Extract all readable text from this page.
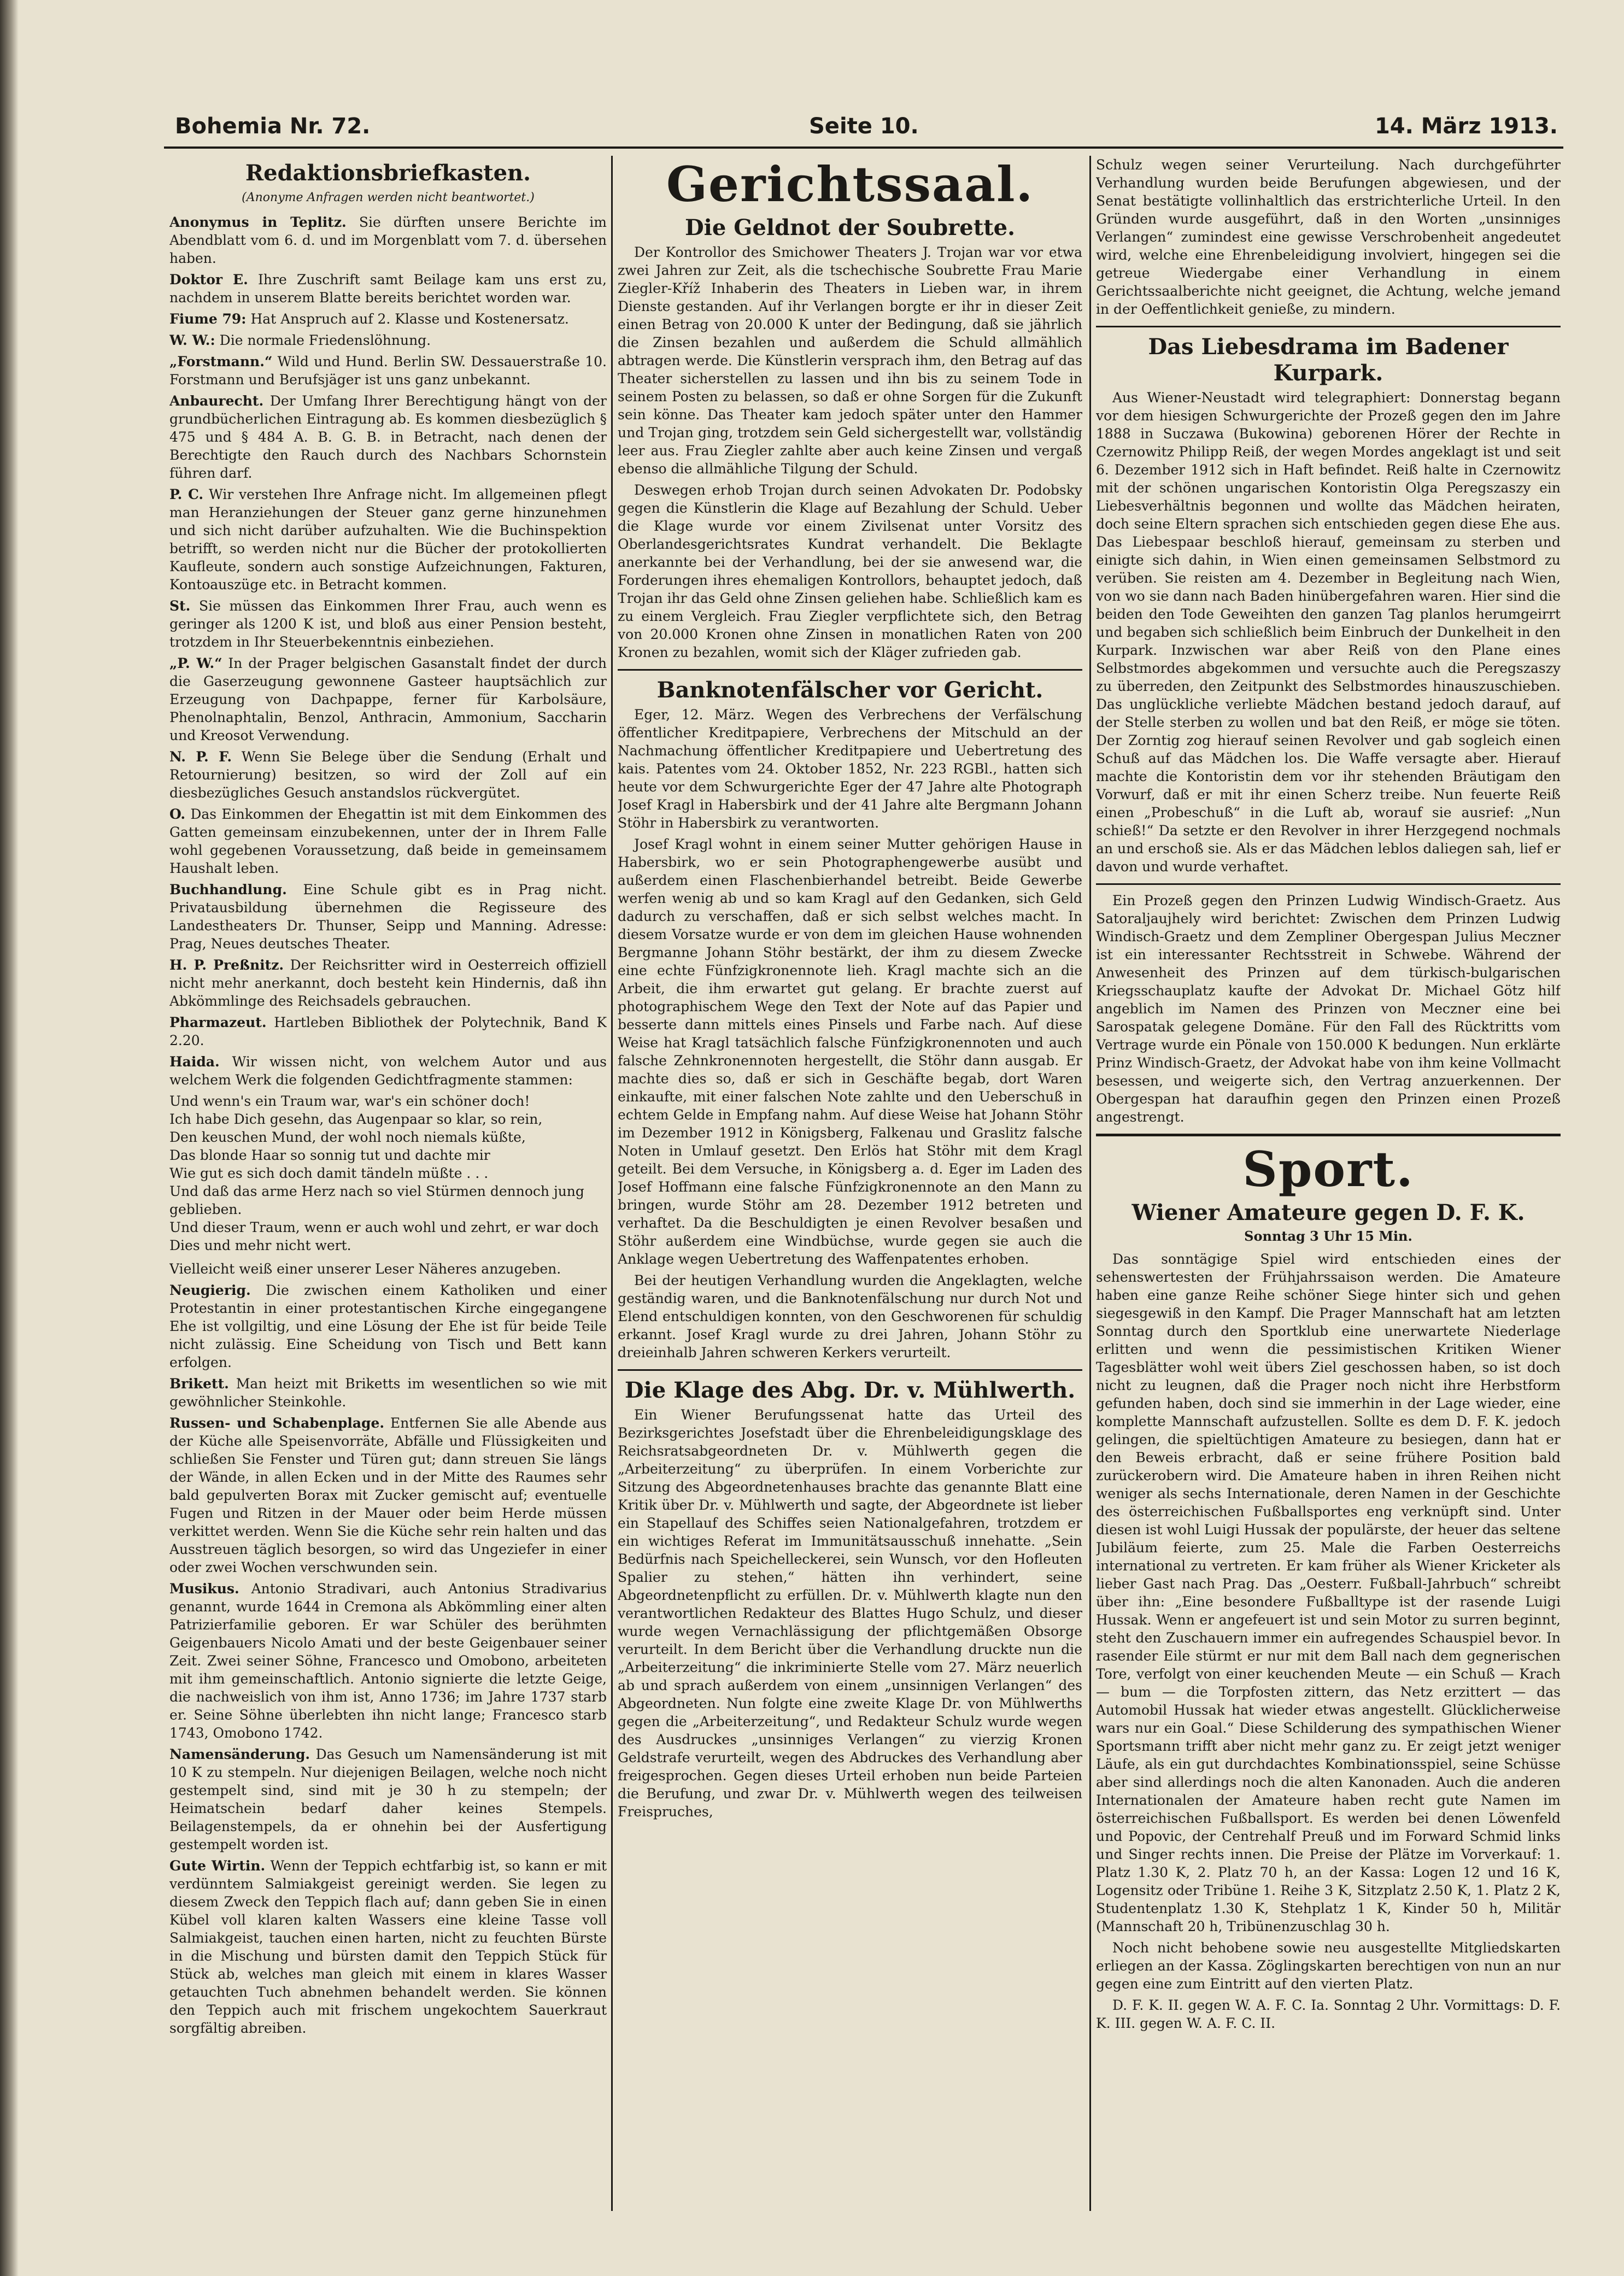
Bohemia Nr. 72.	Seite 10.	14. März 1913.
Redaktionsbriefkasten.
(Anonyme Anfragen werden nicht beantwortet.)

Anonymus in Teplitz. Sie dürften unsere Berichte im Abendblatt vom 6. d. und im Morgenblatt vom 7. d. übersehen haben.

Doktor E. Ihre Zuschrift samt Beilage kam uns erst zu, nachdem in unserem Blatte bereits berichtet worden war.

Fiume 79: Hat Anspruch auf 2. Klasse und Kostenersatz.

W. W.: Die normale Friedenslöhnung.

„Forstmann.“ Wild und Hund. Berlin SW. Dessauerstraße 10. Forstmann und Berufsjäger ist uns ganz unbekannt.

Anbaurecht. Der Umfang Ihrer Berechtigung hängt von der grundbücherlichen Eintragung ab. Es kommen diesbezüglich § 475 und § 484 A. B. G. B. in Betracht, nach denen der Berechtigte den Rauch durch des Nachbars Schornstein führen darf.

P. C. Wir verstehen Ihre Anfrage nicht. Im allgemeinen pflegt man Heranziehungen der Steuer ganz gerne hinzunehmen und sich nicht darüber aufzuhalten. Wie die Buchinspektion betrifft, so werden nicht nur die Bücher der protokollierten Kaufleute, sondern auch sonstige Aufzeichnungen, Fakturen, Kontoauszüge etc. in Betracht kommen.

St. Sie müssen das Einkommen Ihrer Frau, auch wenn es geringer als 1200 K ist, und bloß aus einer Pension besteht, trotzdem in Ihr Steuerbekenntnis einbeziehen.

„P. W.“ In der Prager belgischen Gasanstalt findet der durch die Gaserzeugung gewonnene Gasteer hauptsächlich zur Erzeugung von Dachpappe, ferner für Karbolsäure, Phenolnaphtalin, Benzol, Anthracin, Ammonium, Saccharin und Kreosot Verwendung.

N. P. F. Wenn Sie Belege über die Sendung (Erhalt und Retournierung) besitzen, so wird der Zoll auf ein diesbezügliches Gesuch anstandslos rückvergütet.

O. Das Einkommen der Ehegattin ist mit dem Einkommen des Gatten gemeinsam einzubekennen, unter der in Ihrem Falle wohl gegebenen Voraussetzung, daß beide in gemeinsamem Haushalt leben.

Buchhandlung. Eine Schule gibt es in Prag nicht. Privatausbildung übernehmen die Regisseure des Landestheaters Dr. Thunser, Seipp und Manning. Adresse: Prag, Neues deutsches Theater.

H. P. Preßnitz. Der Reichsritter wird in Oesterreich offiziell nicht mehr anerkannt, doch besteht kein Hindernis, daß ihn Abkömmlinge des Reichsadels gebrauchen.

Pharmazeut. Hartleben Bibliothek der Polytechnik, Band K 2.20.

Haida. Wir wissen nicht, von welchem Autor und aus welchem Werk die folgenden Gedichtfragmente stammen:

Und wenn's ein Traum war, war's ein schöner doch!
Ich habe Dich gesehn, das Augenpaar so klar, so rein,
Den keuschen Mund, der wohl noch niemals küßte,
Das blonde Haar so sonnig tut und dachte mir
Wie gut es sich doch damit tändeln müßte . . .
Und daß das arme Herz nach so viel Stürmen dennoch jung geblieben.
Und dieser Traum, wenn er auch wohl und zehrt, er war doch Dies und mehr nicht wert.

Vielleicht weiß einer unserer Leser Näheres anzugeben.

Neugierig. Die zwischen einem Katholiken und einer Protestantin in einer protestantischen Kirche eingegangene Ehe ist vollgiltig, und eine Lösung der Ehe ist für beide Teile nicht zulässig. Eine Scheidung von Tisch und Bett kann erfolgen.

Brikett. Man heizt mit Briketts im wesentlichen so wie mit gewöhnlicher Steinkohle.

Russen- und Schabenplage. Entfernen Sie alle Abende aus der Küche alle Speisenvorräte, Abfälle und Flüssigkeiten und schließen Sie Fenster und Türen gut; dann streuen Sie längs der Wände, in allen Ecken und in der Mitte des Raumes sehr bald gepulverten Borax mit Zucker gemischt auf; eventuelle Fugen und Ritzen in der Mauer oder beim Herde müssen verkittet werden. Wenn Sie die Küche sehr rein halten und das Ausstreuen täglich besorgen, so wird das Ungeziefer in einer oder zwei Wochen verschwunden sein.

Musikus. Antonio Stradivari, auch Antonius Stradivarius genannt, wurde 1644 in Cremona als Abkömmling einer alten Patrizierfamilie geboren. Er war Schüler des berühmten Geigenbauers Nicolo Amati und der beste Geigenbauer seiner Zeit. Zwei seiner Söhne, Francesco und Omobono, arbeiteten mit ihm gemeinschaftlich. Antonio signierte die letzte Geige, die nachweislich von ihm ist, Anno 1736; im Jahre 1737 starb er. Seine Söhne überlebten ihn nicht lange; Francesco starb 1743, Omobono 1742.

Namensänderung. Das Gesuch um Namensänderung ist mit 10 K zu stempeln. Nur diejenigen Beilagen, welche noch nicht gestempelt sind, sind mit je 30 h zu stempeln; der Heimatschein bedarf daher keines Stempels. Beilagenstempels, da er ohnehin bei der Ausfertigung gestempelt worden ist.

Gute Wirtin. Wenn der Teppich echtfarbig ist, so kann er mit verdünntem Salmiakgeist gereinigt werden. Sie legen zu diesem Zweck den Teppich flach auf; dann geben Sie in einen Kübel voll klaren kalten Wassers eine kleine Tasse voll Salmiakgeist, tauchen einen harten, nicht zu feuchten Bürste in die Mischung und bürsten damit den Teppich Stück für Stück ab, welches man gleich mit einem in klares Wasser getauchten Tuch abnehmen behandelt werden. Sie können den Teppich auch mit frischem ungekochtem Sauerkraut sorgfältig abreiben.

Gerichtssaal.
Die Geldnot der Soubrette.

Der Kontrollor des Smichower Theaters J. Trojan war vor etwa zwei Jahren zur Zeit, als die tschechische Soubrette Frau Marie Ziegler-Kříž Inhaberin des Theaters in Lieben war, in ihrem Dienste gestanden. Auf ihr Verlangen borgte er ihr in dieser Zeit einen Betrag von 20.000 K unter der Bedingung, daß sie jährlich die Zinsen bezahlen und außerdem die Schuld allmählich abtragen werde. Die Künstlerin versprach ihm, den Betrag auf das Theater sicherstellen zu lassen und ihn bis zu seinem Tode in seinem Posten zu belassen, so daß er ohne Sorgen für die Zukunft sein könne. Das Theater kam jedoch später unter den Hammer und Trojan ging, trotzdem sein Geld sichergestellt war, vollständig leer aus. Frau Ziegler zahlte aber auch keine Zinsen und vergaß ebenso die allmähliche Tilgung der Schuld.

Deswegen erhob Trojan durch seinen Advokaten Dr. Podobsky gegen die Künstlerin die Klage auf Bezahlung der Schuld. Ueber die Klage wurde vor einem Zivilsenat unter Vorsitz des Oberlandesgerichtsrates Kundrat verhandelt. Die Beklagte anerkannte bei der Verhandlung, bei der sie anwesend war, die Forderungen ihres ehemaligen Kontrollors, behauptet jedoch, daß Trojan ihr das Geld ohne Zinsen geliehen habe. Schließlich kam es zu einem Vergleich. Frau Ziegler verpflichtete sich, den Betrag von 20.000 Kronen ohne Zinsen in monatlichen Raten von 200 Kronen zu bezahlen, womit sich der Kläger zufrieden gab.

Banknotenfälscher vor Gericht.

Eger, 12. März. Wegen des Verbrechens der Verfälschung öffentlicher Kreditpapiere, Verbrechens der Mitschuld an der Nachmachung öffentlicher Kreditpapiere und Uebertretung des kais. Patentes vom 24. Oktober 1852, Nr. 223 RGBl., hatten sich heute vor dem Schwurgerichte Eger der 47 Jahre alte Photograph Josef Kragl in Habersbirk und der 41 Jahre alte Bergmann Johann Stöhr in Habersbirk zu verantworten.

Josef Kragl wohnt in einem seiner Mutter gehörigen Hause in Habersbirk, wo er sein Photographengewerbe ausübt und außerdem einen Flaschenbierhandel betreibt. Beide Gewerbe werfen wenig ab und so kam Kragl auf den Gedanken, sich Geld dadurch zu verschaffen, daß er sich selbst welches macht. In diesem Vorsatze wurde er von dem im gleichen Hause wohnenden Bergmanne Johann Stöhr bestärkt, der ihm zu diesem Zwecke eine echte Fünfzigkronennote lieh. Kragl machte sich an die Arbeit, die ihm erwartet gut gelang. Er brachte zuerst auf photographischem Wege den Text der Note auf das Papier und besserte dann mittels eines Pinsels und Farbe nach. Auf diese Weise hat Kragl tatsächlich falsche Fünfzigkronennoten und auch falsche Zehnkronennoten hergestellt, die Stöhr dann ausgab. Er machte dies so, daß er sich in Geschäfte begab, dort Waren einkaufte, mit einer falschen Note zahlte und den Ueberschuß in echtem Gelde in Empfang nahm. Auf diese Weise hat Johann Stöhr im Dezember 1912 in Königsberg, Falkenau und Graslitz falsche Noten in Umlauf gesetzt. Den Erlös hat Stöhr mit dem Kragl geteilt. Bei dem Versuche, in Königsberg a. d. Eger im Laden des Josef Hoffmann eine falsche Fünfzigkronennote an den Mann zu bringen, wurde Stöhr am 28. Dezember 1912 betreten und verhaftet. Da die Beschuldigten je einen Revolver besaßen und Stöhr außerdem eine Windbüchse, wurde gegen sie auch die Anklage wegen Uebertretung des Waffenpatentes erhoben.

Bei der heutigen Verhandlung wurden die Angeklagten, welche geständig waren, und die Banknotenfälschung nur durch Not und Elend entschuldigen konnten, von den Geschworenen für schuldig erkannt. Josef Kragl wurde zu drei Jahren, Johann Stöhr zu dreieinhalb Jahren schweren Kerkers verurteilt.

Die Klage des Abg. Dr. v. Mühlwerth.

Ein Wiener Berufungssenat hatte das Urteil des Bezirksgerichtes Josefstadt über die Ehrenbeleidigungsklage des Reichsratsabgeordneten Dr. v. Mühlwerth gegen die „Arbeiterzeitung“ zu überprüfen. In einem Vorberichte zur Sitzung des Abgeordnetenhauses brachte das genannte Blatt eine Kritik über Dr. v. Mühlwerth und sagte, der Abgeordnete ist lieber ein Stapellauf des Schiffes seien Nationalgefahren, trotzdem er ein wichtiges Referat im Immunitätsausschuß innehatte. „Sein Bedürfnis nach Speichelleckerei, sein Wunsch, vor den Hofleuten Spalier zu stehen,“ hätten ihn verhindert, seine Abgeordnetenpflicht zu erfüllen. Dr. v. Mühlwerth klagte nun den verantwortlichen Redakteur des Blattes Hugo Schulz, und dieser wurde wegen Vernachlässigung der pflichtgemäßen Obsorge verurteilt. In dem Bericht über die Verhandlung druckte nun die „Arbeiterzeitung“ die inkriminierte Stelle vom 27. März neuerlich ab und sprach außerdem von einem „unsinnigen Verlangen“ des Abgeordneten. Nun folgte eine zweite Klage Dr. von Mühlwerths gegen die „Arbeiterzeitung“, und Redakteur Schulz wurde wegen des Ausdruckes „unsinniges Verlangen“ zu vierzig Kronen Geldstrafe verurteilt, wegen des Abdruckes des Verhandlung aber freigesprochen. Gegen dieses Urteil erhoben nun beide Parteien die Berufung, und zwar Dr. v. Mühlwerth wegen des teilweisen Freispruches,

Schulz wegen seiner Verurteilung. Nach durchgeführter Verhandlung wurden beide Berufungen abgewiesen, und der Senat bestätigte vollinhaltlich das erstrichterliche Urteil. In den Gründen wurde ausgeführt, daß in den Worten „unsinniges Verlangen“ zumindest eine gewisse Verschrobenheit angedeutet wird, welche eine Ehrenbeleidigung involviert, hingegen sei die getreue Wiedergabe einer Verhandlung in einem Gerichtssaalberichte nicht geeignet, die Achtung, welche jemand in der Oeffentlichkeit genieße, zu mindern.

Das Liebesdrama im Badener Kurpark.

Aus Wiener-Neustadt wird telegraphiert: Donnerstag begann vor dem hiesigen Schwurgerichte der Prozeß gegen den im Jahre 1888 in Suczawa (Bukowina) geborenen Hörer der Rechte in Czernowitz Philipp Reiß, der wegen Mordes angeklagt ist und seit 6. Dezember 1912 sich in Haft befindet. Reiß halte in Czernowitz mit der schönen ungarischen Kontoristin Olga Peregszaszy ein Liebesverhältnis begonnen und wollte das Mädchen heiraten, doch seine Eltern sprachen sich entschieden gegen diese Ehe aus. Das Liebespaar beschloß hierauf, gemeinsam zu sterben und einigte sich dahin, in Wien einen gemeinsamen Selbstmord zu verüben. Sie reisten am 4. Dezember in Begleitung nach Wien, von wo sie dann nach Baden hinübergefahren waren. Hier sind die beiden den Tode Geweihten den ganzen Tag planlos herumgeirrt und begaben sich schließlich beim Einbruch der Dunkelheit in den Kurpark. Inzwischen war aber Reiß von den Plane eines Selbstmordes abgekommen und versuchte auch die Peregszaszy zu überreden, den Zeitpunkt des Selbstmordes hinauszuschieben. Das unglückliche verliebte Mädchen bestand jedoch darauf, auf der Stelle sterben zu wollen und bat den Reiß, er möge sie töten. Der Zorntig zog hierauf seinen Revolver und gab sogleich einen Schuß auf das Mädchen los. Die Waffe versagte aber. Hierauf machte die Kontoristin dem vor ihr stehenden Bräutigam den Vorwurf, daß er mit ihr einen Scherz treibe. Nun feuerte Reiß einen „Probeschuß“ in die Luft ab, worauf sie ausrief: „Nun schieß!“ Da setzte er den Revolver in ihrer Herzgegend nochmals an und erschoß sie. Als er das Mädchen leblos daliegen sah, lief er davon und wurde verhaftet.

Ein Prozeß gegen den Prinzen Ludwig Windisch-Graetz. Aus Satoraljaujhely wird berichtet: Zwischen dem Prinzen Ludwig Windisch-Graetz und dem Zempliner Obergespan Julius Meczner ist ein interessanter Rechtsstreit in Schwebe. Während der Anwesenheit des Prinzen auf dem türkisch-bulgarischen Kriegsschauplatz kaufte der Advokat Dr. Michael Götz hilf angeblich im Namen des Prinzen von Meczner eine bei Sarospatak gelegene Domäne. Für den Fall des Rücktritts vom Vertrage wurde ein Pönale von 150.000 K bedungen. Nun erklärte Prinz Windisch-Graetz, der Advokat habe von ihm keine Vollmacht besessen, und weigerte sich, den Vertrag anzuerkennen. Der Obergespan hat daraufhin gegen den Prinzen einen Prozeß angestrengt.

Sport.
Wiener Amateure gegen D. F. K.
Sonntag 3 Uhr 15 Min.

Das sonntägige Spiel wird entschieden eines der sehenswertesten der Frühjahrssaison werden. Die Amateure haben eine ganze Reihe schöner Siege hinter sich und gehen siegesgewiß in den Kampf. Die Prager Mannschaft hat am letzten Sonntag durch den Sportklub eine unerwartete Niederlage erlitten und wenn die pessimistischen Kritiken Wiener Tagesblätter wohl weit übers Ziel geschossen haben, so ist doch nicht zu leugnen, daß die Prager noch nicht ihre Herbstform gefunden haben, doch sind sie immerhin in der Lage wieder, eine komplette Mannschaft aufzustellen. Sollte es dem D. F. K. jedoch gelingen, die spieltüchtigen Amateure zu besiegen, dann hat er den Beweis erbracht, daß er seine frühere Position bald zurückerobern wird. Die Amateure haben in ihren Reihen nicht weniger als sechs Internationale, deren Namen in der Geschichte des österreichischen Fußballsportes eng verknüpft sind. Unter diesen ist wohl Luigi Hussak der populärste, der heuer das seltene Jubiläum feierte, zum 25. Male die Farben Oesterreichs international zu vertreten. Er kam früher als Wiener Kricketer als lieber Gast nach Prag. Das „Oesterr. Fußball-Jahrbuch“ schreibt über ihn: „Eine besondere Fußballtype ist der rasende Luigi Hussak. Wenn er angefeuert ist und sein Motor zu surren beginnt, steht den Zuschauern immer ein aufregendes Schauspiel bevor. In rasender Eile stürmt er nur mit dem Ball nach dem gegnerischen Tore, verfolgt von einer keuchenden Meute — ein Schuß — Krach — bum — die Torpfosten zittern, das Netz erzittert — das Automobil Hussak hat wieder etwas angestellt. Glücklicherweise wars nur ein Goal.“ Diese Schilderung des sympathischen Wiener Sportsmann trifft aber nicht mehr ganz zu. Er zeigt jetzt weniger Läufe, als ein gut durchdachtes Kombinationsspiel, seine Schüsse aber sind allerdings noch die alten Kanonaden. Auch die anderen Internationalen der Amateure haben recht gute Namen im österreichischen Fußballsport. Es werden bei denen Löwenfeld und Popovic, der Centrehalf Preuß und im Forward Schmid links und Singer rechts innen. Die Preise der Plätze im Vorverkauf: 1. Platz 1.30 K, 2. Platz 70 h, an der Kassa: Logen 12 und 16 K, Logensitz oder Tribüne 1. Reihe 3 K, Sitzplatz 2.50 K, 1. Platz 2 K, Studentenplatz 1.30 K, Stehplatz 1 K, Kinder 50 h, Militär (Mannschaft 20 h, Tribünenzuschlag 30 h.

Noch nicht behobene sowie neu ausgestellte Mitgliedskarten erliegen an der Kassa. Zöglingskarten berechtigen von nun an nur gegen eine zum Eintritt auf den vierten Platz.

D. F. K. II. gegen W. A. F. C. Ia. Sonntag 2 Uhr. Vormittags: D. F. K. III. gegen W. A. F. C. II.
